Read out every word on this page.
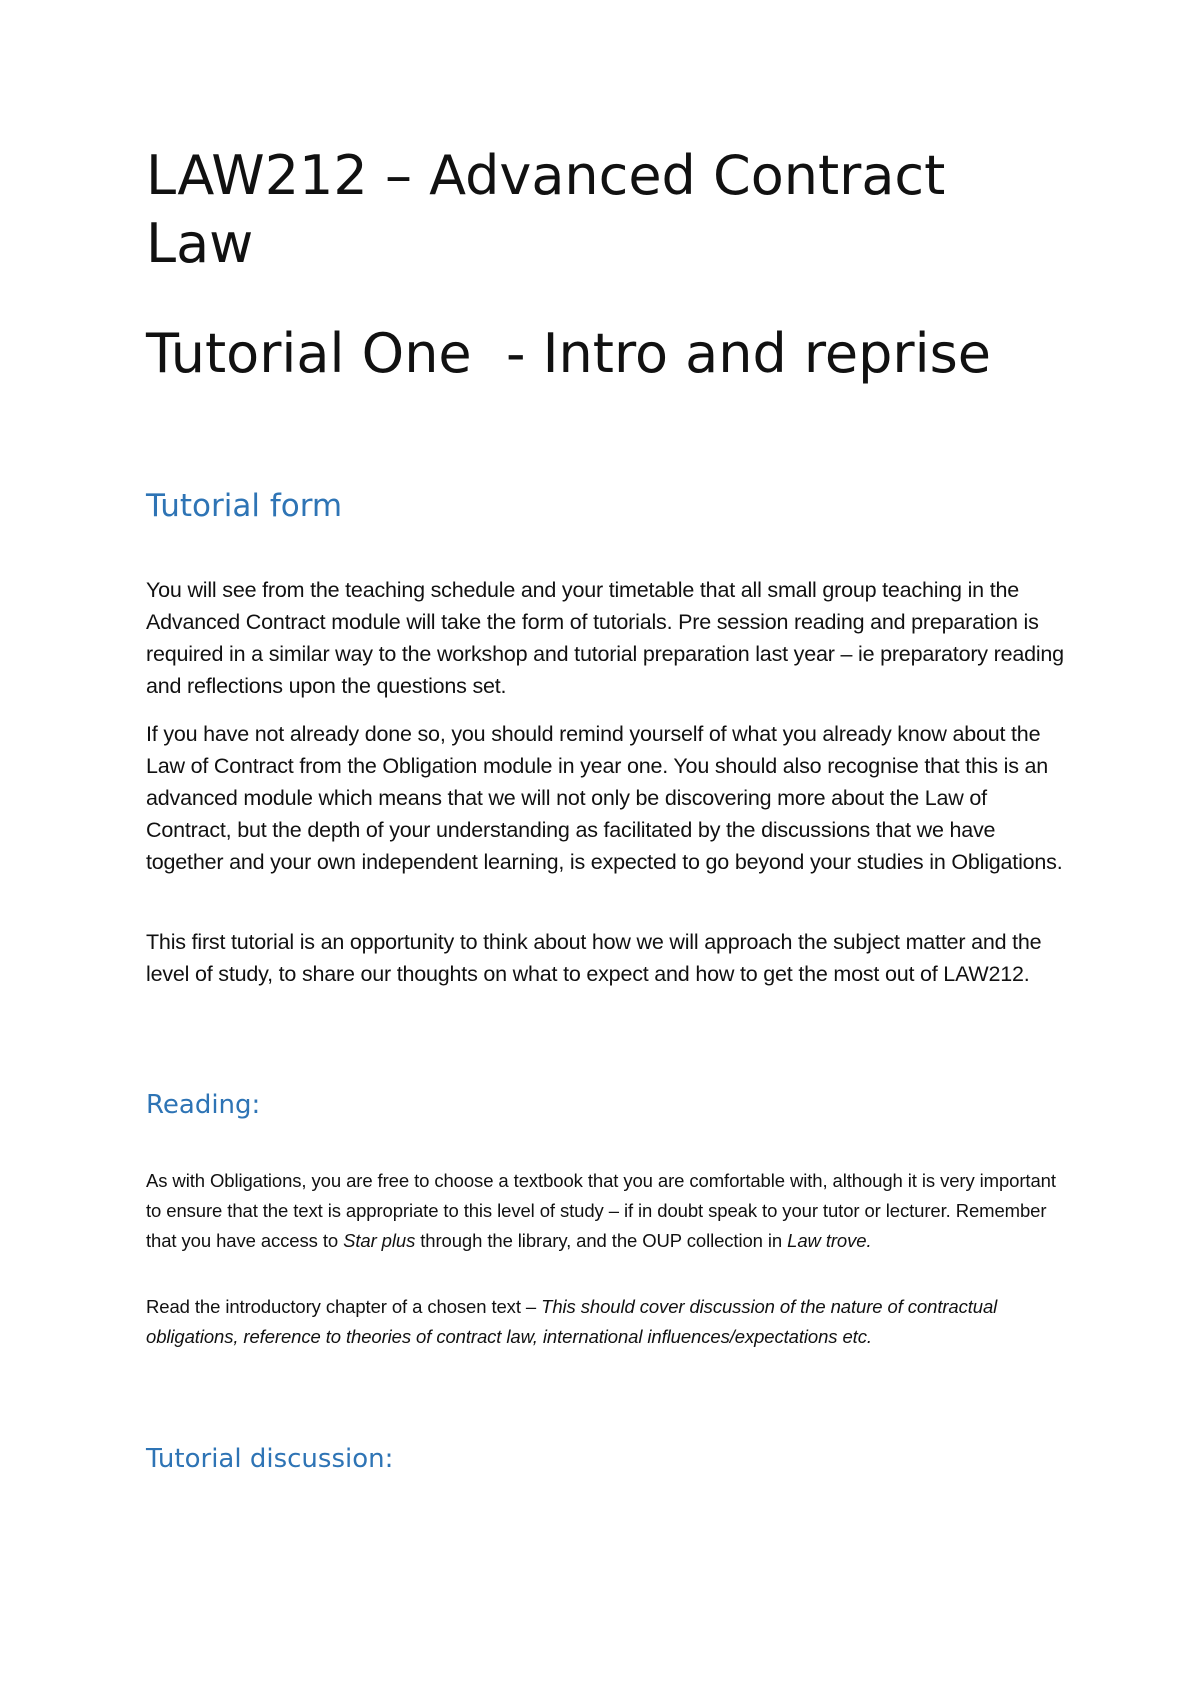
LAW212 – Advanced Contract Law
Tutorial One  - Intro and reprise
Tutorial form

You will see from the teaching schedule and your timetable that all small group teaching in the Advanced Contract module will take the form of tutorials. Pre session reading and preparation is required in a similar way to the workshop and tutorial preparation last year – ie preparatory reading and reflections upon the questions set.

If you have not already done so, you should remind yourself of what you already know about the Law of Contract from the Obligation module in year one. You should also recognise that this is an advanced module which means that we will not only be discovering more about the Law of Contract, but the depth of your understanding as facilitated by the discussions that we have together and your own independent learning, is expected to go beyond your studies in Obligations.

This first tutorial is an opportunity to think about how we will approach the subject matter and the level of study, to share our thoughts on what to expect and how to get the most out of LAW212.

Reading:

As with Obligations, you are free to choose a textbook that you are comfortable with, although it is very important to ensure that the text is appropriate to this level of study – if in doubt speak to your tutor or lecturer. Remember that you have access to Star plus through the library, and the OUP collection in Law trove.

Read the introductory chapter of a chosen text – This should cover discussion of the nature of contractual obligations, reference to theories of contract law, international influences/expectations etc.

Tutorial discussion:
